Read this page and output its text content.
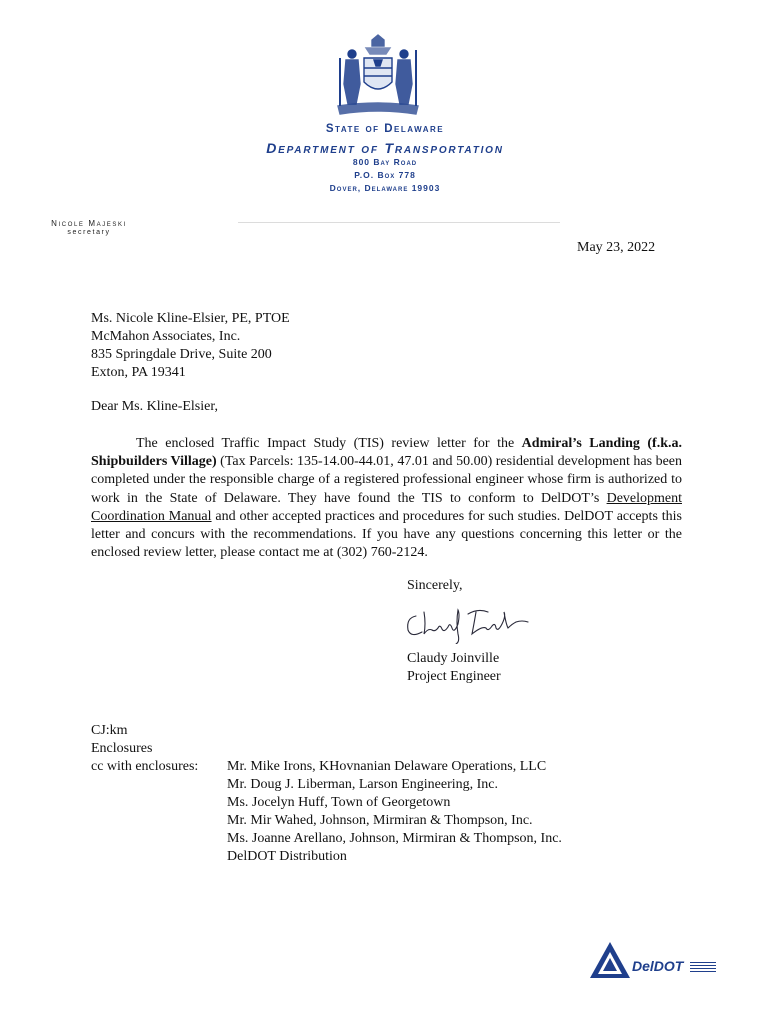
State of Delaware
Department of Transportation
800 Bay Road
P.O. Box 778
Dover, Delaware 19903
Nicole Majeski
secretary
May 23, 2022
Ms. Nicole Kline-Elsier, PE, PTOE
McMahon Associates, Inc.
835 Springdale Drive, Suite 200
Exton, PA 19341
Dear Ms. Kline-Elsier,
The enclosed Traffic Impact Study (TIS) review letter for the Admiral’s Landing (f.k.a. Shipbuilders Village) (Tax Parcels: 135-14.00-44.01, 47.01 and 50.00) residential development has been completed under the responsible charge of a registered professional engineer whose firm is authorized to work in the State of Delaware. They have found the TIS to conform to DelDOT’s Development Coordination Manual and other accepted practices and procedures for such studies. DelDOT accepts this letter and concurs with the recommendations. If you have any questions concerning this letter or the enclosed review letter, please contact me at (302) 760-2124.
Sincerely,
Claudy Joinville
Project Engineer
CJ:km
Enclosures
cc with enclosures: Mr. Mike Irons, KHovnanian Delaware Operations, LLC
Mr. Doug J. Liberman, Larson Engineering, Inc.
Ms. Jocelyn Huff, Town of Georgetown
Mr. Mir Wahed, Johnson, Mirmiran & Thompson, Inc.
Ms. Joanne Arellano, Johnson, Mirmiran & Thompson, Inc.
DelDOT Distribution
DelDOT
